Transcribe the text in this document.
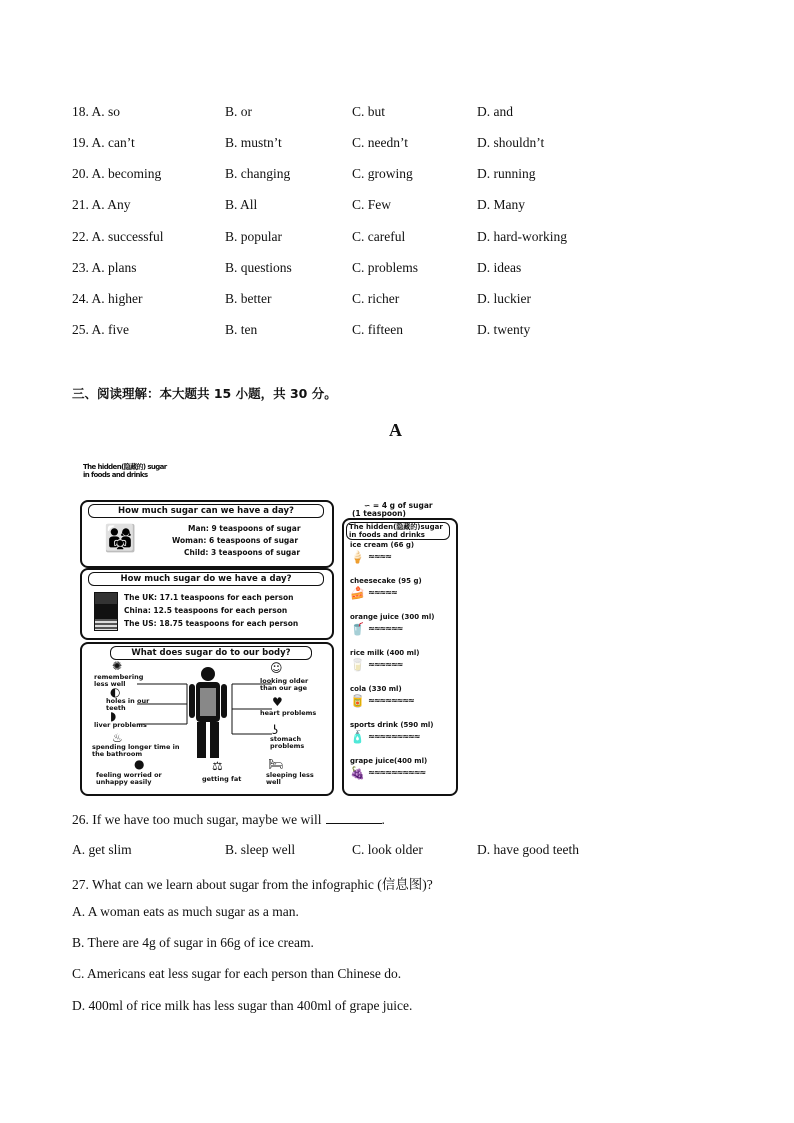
18. A. so	B. or	C. but	D. and
19. A. can’t	B. mustn’t	C. needn’t	D. shouldn’t
20. A. becoming	B. changing	C. growing	D. running
21. A. Any	B. All	C. Few	D. Many
22. A. successful	B. popular	C. careful	D. hard-working
23. A. plans	B. questions	C. problems	D. ideas
24. A. higher	B. better	C. richer	D. luckier
25. A. five	B. ten	C. fifteen	D. twenty
三、阅读理解：本大题共 15 小题，共 30 分。
A
The hidden(隐藏的) sugar
in foods and drinks
How much sugar can we have a day?
👨‍👩‍👧	Man: 9 teaspoons of sugar
Woman: 6 teaspoons of sugar
Child: 3 teaspoons of sugar
How much sugar do we have a day?
The UK: 17.1 teaspoons for each person
China: 12.5 teaspoons for each person
The US: 18.75 teaspoons for each person
What does sugar do to our body?
✺
remembering less well
◐
holes in our teeth
◗
liver problems
♨
spending longer time in the bathroom
●
feeling worried or unhappy easily
☺
looking older than our age
♥
heart problems
ʖ
stomach problems
⚖
getting fat
🛏
sleeping less well
∽ = 4 g of sugar
(1 teaspoon)
The hidden(隐藏的)sugar
in foods and drinks
ice cream (66 g)
🍦 ≈≈≈≈
cheesecake (95 g)
🍰 ≈≈≈≈≈
orange juice (300 ml)
🥤 ≈≈≈≈≈≈
rice milk (400 ml)
🥛 ≈≈≈≈≈≈
cola (330 ml)
🥫 ≈≈≈≈≈≈≈≈
sports drink (590 ml)
🧴 ≈≈≈≈≈≈≈≈≈
grape juice(400 ml)
🍇 ≈≈≈≈≈≈≈≈≈≈
26. If we have too much sugar, maybe we will	.
A. get slim	B. sleep well	C. look older	D. have good teeth
27. What can we learn about sugar from the infographic (信息图)?
A. A woman eats as much sugar as a man.
B. There are 4g of sugar in 66g of ice cream.
C. Americans eat less sugar for each person than Chinese do.
D. 400ml of rice milk has less sugar than 400ml of grape juice.
